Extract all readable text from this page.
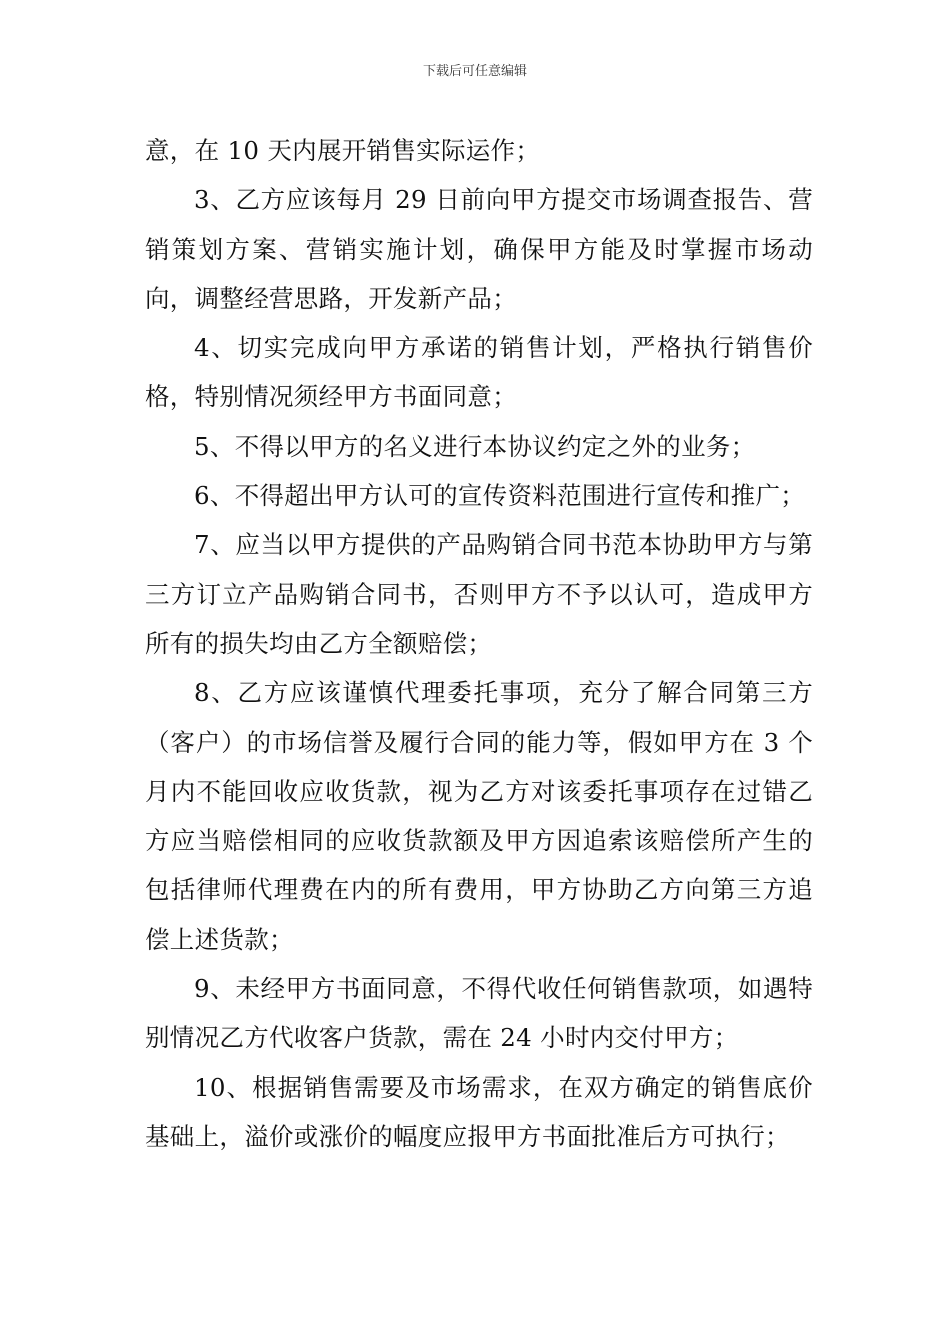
下载后可任意编辑

意，在 10 天内展开销售实际运作；

3、乙方应该每月 29 日前向甲方提交市场调查报告、营销策划方案、营销实施计划，确保甲方能及时掌握市场动向，调整经营思路，开发新产品；

4、切实完成向甲方承诺的销售计划，严格执行销售价格，特别情况须经甲方书面同意；

5、不得以甲方的名义进行本协议约定之外的业务；

6、不得超出甲方认可的宣传资料范围进行宣传和推广；

7、应当以甲方提供的产品购销合同书范本协助甲方与第三方订立产品购销合同书，否则甲方不予以认可，造成甲方所有的损失均由乙方全额赔偿；

8、乙方应该谨慎代理委托事项，充分了解合同第三方（客户）的市场信誉及履行合同的能力等，假如甲方在 3 个月内不能回收应收货款，视为乙方对该委托事项存在过错乙方应当赔偿相同的应收货款额及甲方因追索该赔偿所产生的包括律师代理费在内的所有费用，甲方协助乙方向第三方追偿上述货款；

9、未经甲方书面同意，不得代收任何销售款项，如遇特别情况乙方代收客户货款，需在 24 小时内交付甲方；

10、根据销售需要及市场需求，在双方确定的销售底价基础上，溢价或涨价的幅度应报甲方书面批准后方可执行；
